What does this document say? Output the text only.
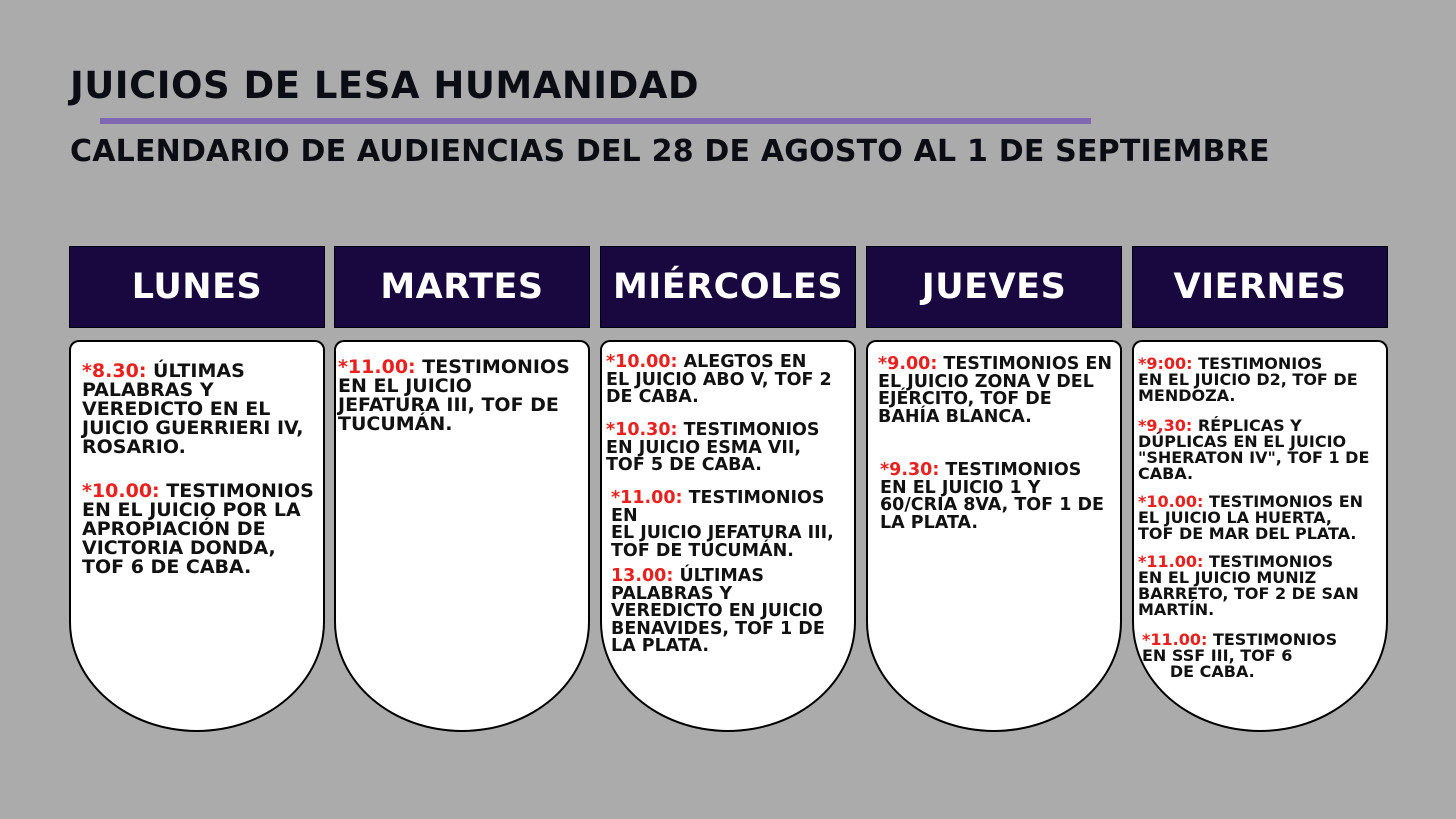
JUICIOS DE LESA HUMANIDAD
CALENDARIO DE AUDIENCIAS DEL 28 DE AGOSTO AL 1 DE SEPTIEMBRE
LUNES

*8.30: ÚLTIMAS
PALABRAS Y
VEREDICTO EN EL
JUICIO GUERRIERI IV,
ROSARIO.

*10.00: TESTIMONIOS
EN EL JUICIO POR LA
APROPIACIÓN DE
VICTORIA DONDA,
TOF 6 DE CABA.

MARTES

*11.00: TESTIMONIOS
EN EL JUICIO
JEFATURA III, TOF DE
TUCUMÁN.

MIÉRCOLES

*10.00: ALEGTOS EN
EL JUICIO ABO V, TOF 2
DE CABA.

*10.30: TESTIMONIOS
EN JUICIO ESMA VII,
TOF 5 DE CABA.

*11.00: TESTIMONIOS EN
EL JUICIO JEFATURA III,
TOF DE TUCUMÁN.

13.00: ÚLTIMAS
PALABRAS Y
VEREDICTO EN JUICIO
BENAVIDES, TOF 1 DE
LA PLATA.

JUEVES

*9.00: TESTIMONIOS EN
EL JUICIO ZONA V DEL
EJÉRCITO, TOF DE
BAHÍA BLANCA.

*9.30: TESTIMONIOS
EN EL JUICIO 1 Y
60/CRIA 8VA, TOF 1 DE
LA PLATA.

VIERNES

*9:00: TESTIMONIOS
EN EL JUICIO D2, TOF DE
MENDOZA.

*9,30: RÉPLICAS Y
DÚPLICAS EN EL JUICIO
"SHERATON IV", TOF 1 DE
CABA.

*10.00: TESTIMONIOS EN
EL JUICIO LA HUERTA,
TOF DE MAR DEL PLATA.

*11.00: TESTIMONIOS
EN EL JUICIO MUNIZ
BARRETO, TOF 2 DE SAN
MARTÍN.

*11.00: TESTIMONIOS
EN SSF III, TOF 6
DE CABA.
